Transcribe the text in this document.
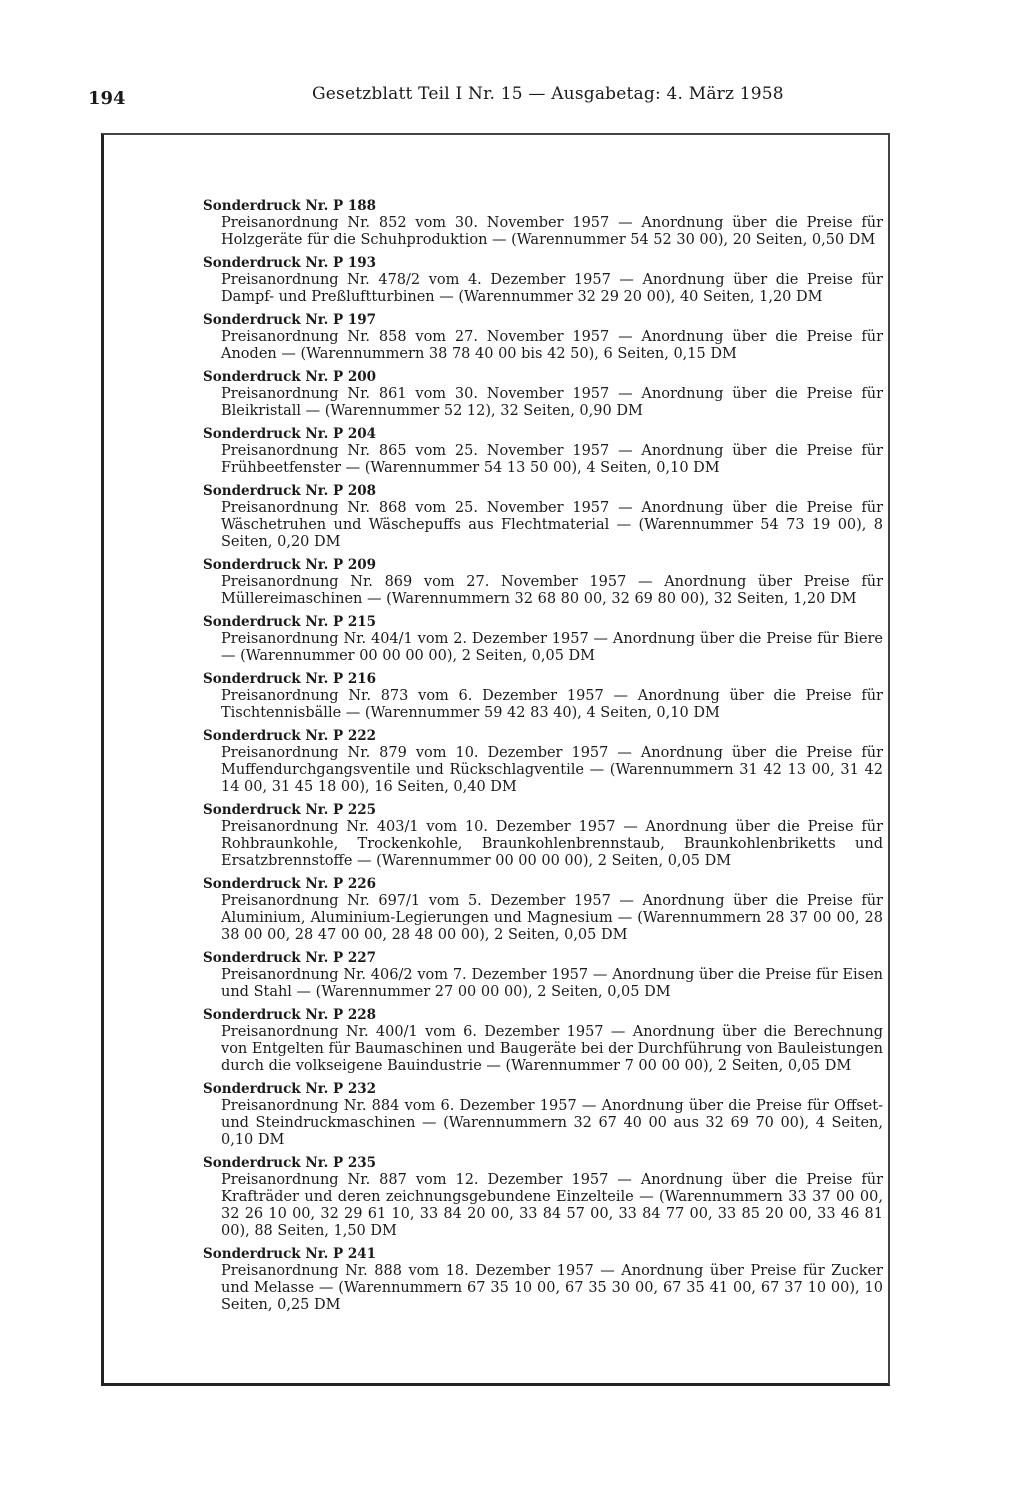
194	Gesetzblatt Teil I Nr. 15 — Ausgabetag: 4. März 1958
Sonderdruck Nr. P 188
Preisanordnung Nr. 852 vom 30. November 1957 — Anordnung über die Preise für Holzgeräte für die Schuhproduktion — (Warennummer 54 52 30 00), 20 Seiten, 0,50 DM
Sonderdruck Nr. P 193
Preisanordnung Nr. 478/2 vom 4. Dezember 1957 — Anordnung über die Preise für Dampf- und Preßluftturbinen — (Warennummer 32 29 20 00), 40 Seiten, 1,20 DM
Sonderdruck Nr. P 197
Preisanordnung Nr. 858 vom 27. November 1957 — Anordnung über die Preise für Anoden — (Warennummern 38 78 40 00 bis 42 50), 6 Seiten, 0,15 DM
Sonderdruck Nr. P 200
Preisanordnung Nr. 861 vom 30. November 1957 — Anordnung über die Preise für Bleikristall — (Warennummer 52 12), 32 Seiten, 0,90 DM
Sonderdruck Nr. P 204
Preisanordnung Nr. 865 vom 25. November 1957 — Anordnung über die Preise für Frühbeetfenster — (Warennummer 54 13 50 00), 4 Seiten, 0,10 DM
Sonderdruck Nr. P 208
Preisanordnung Nr. 868 vom 25. November 1957 — Anordnung über die Preise für Wäschetruhen und Wäschepuffs aus Flechtmaterial — (Warennummer 54 73 19 00), 8 Seiten, 0,20 DM
Sonderdruck Nr. P 209
Preisanordnung Nr. 869 vom 27. November 1957 — Anordnung über Preise für Müllereimaschinen — (Warennummern 32 68 80 00, 32 69 80 00), 32 Seiten, 1,20 DM
Sonderdruck Nr. P 215
Preisanordnung Nr. 404/1 vom 2. Dezember 1957 — Anordnung über die Preise für Biere — (Warennummer 00 00 00 00), 2 Seiten, 0,05 DM
Sonderdruck Nr. P 216
Preisanordnung Nr. 873 vom 6. Dezember 1957 — Anordnung über die Preise für Tischtennisbälle — (Warennummer 59 42 83 40), 4 Seiten, 0,10 DM
Sonderdruck Nr. P 222
Preisanordnung Nr. 879 vom 10. Dezember 1957 — Anordnung über die Preise für Muffendurchgangsventile und Rückschlagventile — (Warennummern 31 42 13 00, 31 42 14 00, 31 45 18 00), 16 Seiten, 0,40 DM
Sonderdruck Nr. P 225
Preisanordnung Nr. 403/1 vom 10. Dezember 1957 — Anordnung über die Preise für Rohbraunkohle, Trockenkohle, Braunkohlenbrennstaub, Braunkohlenbriketts und Ersatzbrennstoffe — (Warennummer 00 00 00 00), 2 Seiten, 0,05 DM
Sonderdruck Nr. P 226
Preisanordnung Nr. 697/1 vom 5. Dezember 1957 — Anordnung über die Preise für Aluminium, Aluminium-Legierungen und Magnesium — (Warennummern 28 37 00 00, 28 38 00 00, 28 47 00 00, 28 48 00 00), 2 Seiten, 0,05 DM
Sonderdruck Nr. P 227
Preisanordnung Nr. 406/2 vom 7. Dezember 1957 — Anordnung über die Preise für Eisen und Stahl — (Warennummer 27 00 00 00), 2 Seiten, 0,05 DM
Sonderdruck Nr. P 228
Preisanordnung Nr. 400/1 vom 6. Dezember 1957 — Anordnung über die Berechnung von Entgelten für Baumaschinen und Baugeräte bei der Durchführung von Bauleistungen durch die volkseigene Bauindustrie — (Warennummer 7 00 00 00), 2 Seiten, 0,05 DM
Sonderdruck Nr. P 232
Preisanordnung Nr. 884 vom 6. Dezember 1957 — Anordnung über die Preise für Offset- und Steindruckmaschinen — (Warennummern 32 67 40 00 aus 32 69 70 00), 4 Seiten, 0,10 DM
Sonderdruck Nr. P 235
Preisanordnung Nr. 887 vom 12. Dezember 1957 — Anordnung über die Preise für Krafträder und deren zeichnungsgebundene Einzelteile — (Warennummern 33 37 00 00, 32 26 10 00, 32 29 61 10, 33 84 20 00, 33 84 57 00, 33 84 77 00, 33 85 20 00, 33 46 81 00), 88 Seiten, 1,50 DM
Sonderdruck Nr. P 241
Preisanordnung Nr. 888 vom 18. Dezember 1957 — Anordnung über Preise für Zucker und Melasse — (Warennummern 67 35 10 00, 67 35 30 00, 67 35 41 00, 67 37 10 00), 10 Seiten, 0,25 DM
